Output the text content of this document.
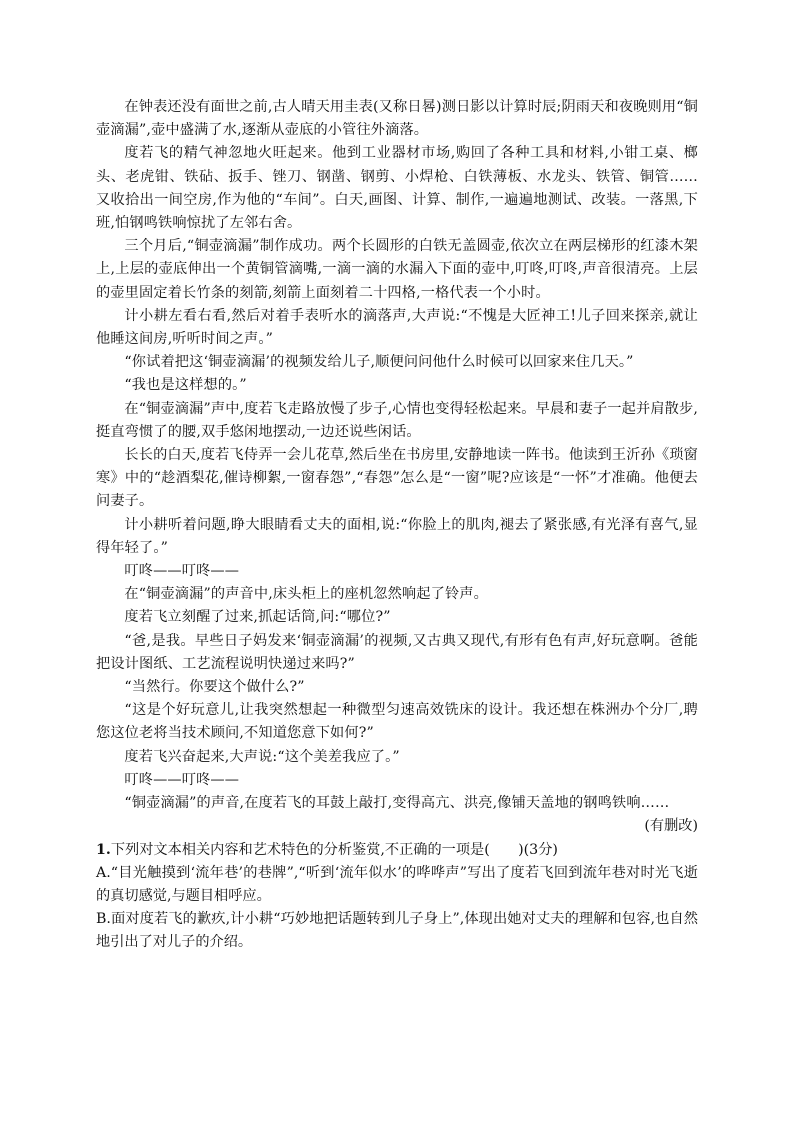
在钟表还没有面世之前,古人晴天用圭表(又称日晷)测日影以计算时辰;阴雨天和夜晚则用“铜壶滴漏”,壶中盛满了水,逐渐从壶底的小管往外滴落。

度若飞的精气神忽地火旺起来。他到工业器材市场,购回了各种工具和材料,小钳工桌、榔头、老虎钳、铁砧、扳手、锉刀、钢凿、钢剪、小焊枪、白铁薄板、水龙头、铁管、铜管……又收拾出一间空房,作为他的“车间”。白天,画图、计算、制作,一遍遍地测试、改装。一落黑,下班,怕钢鸣铁响惊扰了左邻右舍。

三个月后,“铜壶滴漏”制作成功。两个长圆形的白铁无盖圆壶,依次立在两层梯形的红漆木架上,上层的壶底伸出一个黄铜管滴嘴,一滴一滴的水漏入下面的壶中,叮咚,叮咚,声音很清亮。上层的壶里固定着长竹条的刻箭,刻箭上面刻着二十四格,一格代表一个小时。

计小耕左看右看,然后对着手表听水的滴落声,大声说:“不愧是大匠神工!儿子回来探亲,就让他睡这间房,听听时间之声。”

“你试着把这‘铜壶滴漏’的视频发给儿子,顺便问问他什么时候可以回家来住几天。”

“我也是这样想的。”

在“铜壶滴漏”声中,度若飞走路放慢了步子,心情也变得轻松起来。早晨和妻子一起并肩散步,挺直弯惯了的腰,双手悠闲地摆动,一边还说些闲话。

长长的白天,度若飞侍弄一会儿花草,然后坐在书房里,安静地读一阵书。他读到王沂孙《琐窗寒》中的“趁酒梨花,催诗柳絮,一窗春怨”,“春怨”怎么是“一窗”呢?应该是“一怀”才准确。他便去问妻子。

计小耕听着问题,睁大眼睛看丈夫的面相,说:“你脸上的肌肉,褪去了紧张感,有光泽有喜气,显得年轻了。”

叮咚——叮咚——

在“铜壶滴漏”的声音中,床头柜上的座机忽然响起了铃声。

度若飞立刻醒了过来,抓起话筒,问:“哪位?”

“爸,是我。早些日子妈发来‘铜壶滴漏’的视频,又古典又现代,有形有色有声,好玩意啊。爸能把设计图纸、工艺流程说明快递过来吗?”

“当然行。你要这个做什么?”

“这是个好玩意儿,让我突然想起一种微型匀速高效铣床的设计。我还想在株洲办个分厂,聘您这位老将当技术顾问,不知道您意下如何?”

度若飞兴奋起来,大声说:“这个美差我应了。”

叮咚——叮咚——

“铜壶滴漏”的声音,在度若飞的耳鼓上敲打,变得高亢、洪亮,像铺天盖地的钢鸣铁响……

(有删改)

1.下列对文本相关内容和艺术特色的分析鉴赏,不正确的一项是(　　)(3分)

A.“目光触摸到‘流年巷’的巷牌”,“听到‘流年似水’的哗哗声”写出了度若飞回到流年巷对时光飞逝的真切感觉,与题目相呼应。

B.面对度若飞的歉疚,计小耕“巧妙地把话题转到儿子身上”,体现出她对丈夫的理解和包容,也自然地引出了对儿子的介绍。
